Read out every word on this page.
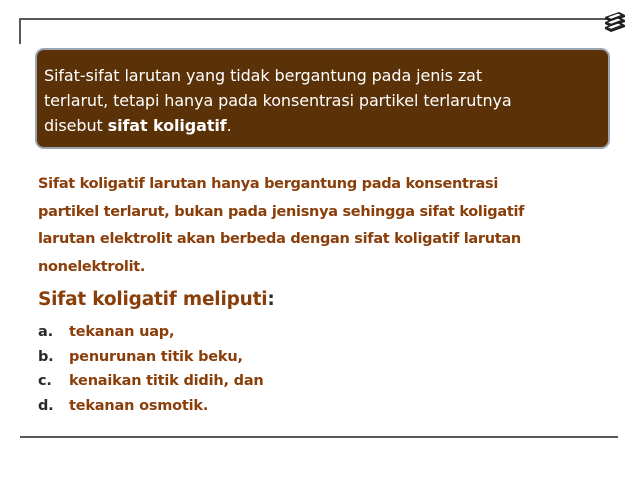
Sifat-sifat larutan yang tidak bergantung pada jenis zat
terlarut, tetapi hanya pada konsentrasi partikel terlarutnya
disebut sifat koligatif.
Sifat koligatif larutan hanya bergantung pada konsentrasi
partikel terlarut, bukan pada jenisnya sehingga sifat koligatif
larutan elektrolit akan berbeda dengan sifat koligatif larutan
nonelektrolit.
Sifat koligatif meliputi:
a.	tekanan uap,
b.	penurunan titik beku,
c.	kenaikan titik didih, dan
d.	tekanan osmotik.
